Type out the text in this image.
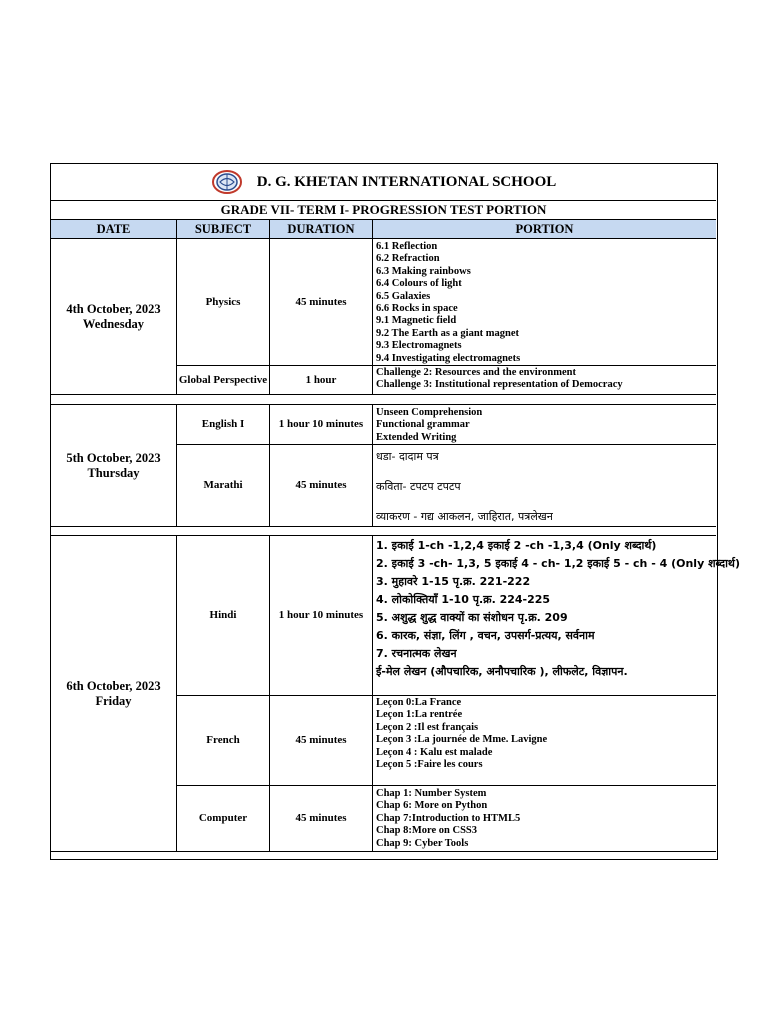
D. G. KHETAN INTERNATIONAL SCHOOL
GRADE VII- TERM I- PROGRESSION TEST PORTION
DATE	SUBJECT	DURATION	PORTION
4th October, 2023
Wednesday
Physics	45 minutes
6.1 Reflection
6.2 Refraction
6.3 Making rainbows
6.4 Colours of light
6.5 Galaxies
6.6 Rocks in space
9.1 Magnetic field
9.2 The Earth as a giant magnet
9.3 Electromagnets
9.4 Investigating electromagnets
Global Perspective	1 hour
Challenge 2: Resources and the environment
Challenge 3: Institutional representation of Democracy
5th October, 2023
Thursday
English I	1 hour 10 minutes
Unseen Comprehension
Functional grammar
Extended Writing
Marathi	45 minutes
धडा- दादाम पत्र
कविता- टपटप टपटप
व्याकरण - गद्य आकलन, जाहिरात, पत्रलेखन
6th October, 2023
Friday
Hindi	1 hour 10 minutes
1. इकाई 1-ch -1,2,4 इकाई 2 -ch -1,3,4 (Only शब्दार्थ)
2. इकाई 3 -ch- 1,3, 5 इकाई 4 - ch- 1,2 इकाई 5 - ch - 4 (Only शब्दार्थ)
3. मुहावरे 1-15 पृ.क्र. 221-222
4. लोकोक्तियाँ 1-10 पृ.क्र. 224-225
5. अशुद्ध शुद्ध वाक्यों का संशोधन पृ.क्र. 209
6. कारक, संज्ञा, लिंग , वचन, उपसर्ग-प्रत्यय, सर्वनाम
7. रचनात्मक लेखन
ई-मेल लेखन (औपचारिक, अनौपचारिक ), लीफलेट, विज्ञापन.
French	45 minutes
Leçon 0:La France
Leçon 1:La rentrée
Leçon 2 :Il est français
Leçon 3 :La journée de Mme. Lavigne
Leçon 4 : Kalu est malade
Leçon 5 :Faire les cours
Computer	45 minutes
Chap 1: Number System
Chap 6: More on Python
Chap 7:Introduction to HTML5
Chap 8:More on CSS3
Chap 9: Cyber Tools
